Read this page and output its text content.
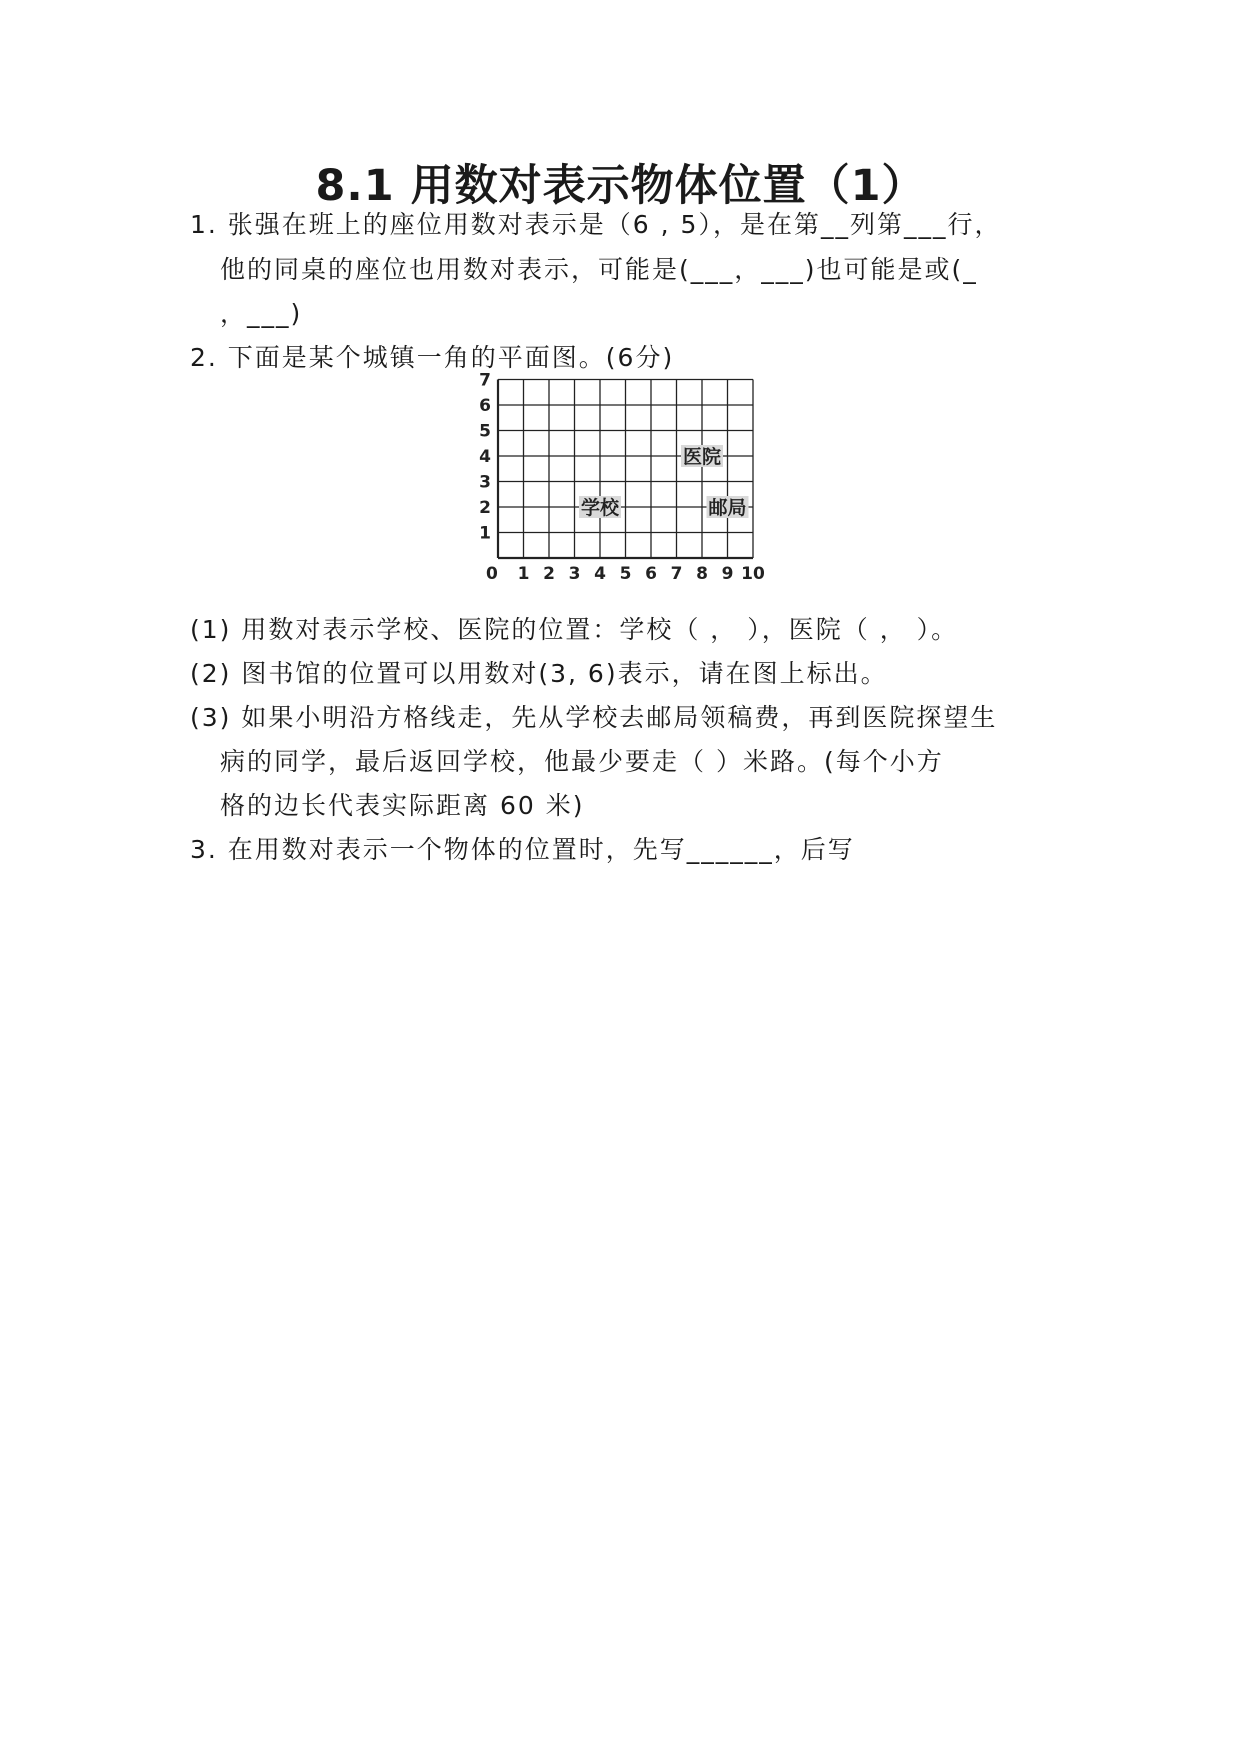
8.1 用数对表示物体位置（1）
1. 张强在班上的座位用数对表示是（6 , 5），是在第__列第___行，
他的同桌的座位也用数对表示，可能是(___，___)也可能是或(_
，___)
2. 下面是某个城镇一角的平面图。(6分)
0 1 2 3 4 5 6 7 8 9 10
1
2
3
4
5
6
7
学校
医院
邮局
(1) 用数对表示学校、医院的位置：学校（ ， ），医院（ ， ）。
(2) 图书馆的位置可以用数对(3, 6)表示，请在图上标出。
(3) 如果小明沿方格线走，先从学校去邮局领稿费，再到医院探望生
病的同学，最后返回学校，他最少要走（ ）米路。(每个小方
格的边长代表实际距离 60 米)
3. 在用数对表示一个物体的位置时，先写______，后写
